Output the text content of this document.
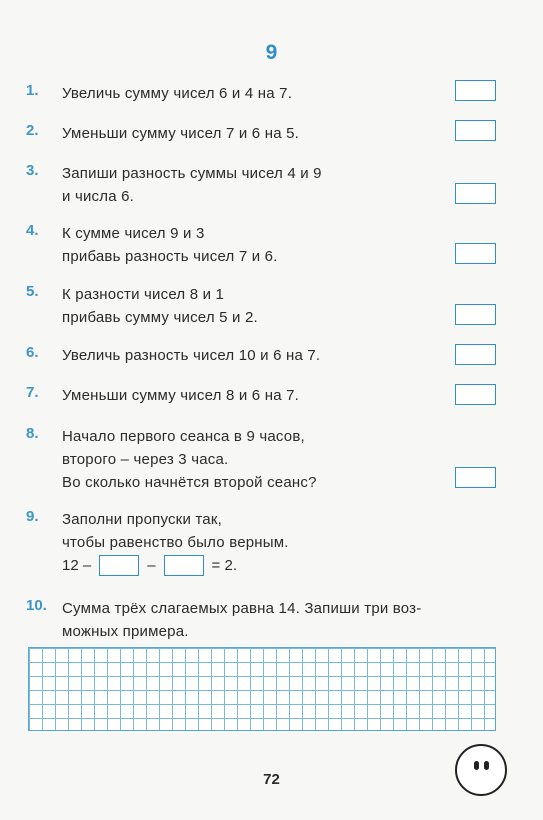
9
1.	Увеличь сумму чисел 6 и 4 на 7.
2.	Уменьши сумму чисел 7 и 6 на 5.
3.	Запиши разность суммы чисел 4 и 9
и числа 6.
4.	К сумме чисел 9 и 3
прибавь разность чисел 7 и 6.
5.	К разности чисел 8 и 1
прибавь сумму чисел 5 и 2.
6.	Увеличь разность чисел 10 и 6 на 7.
7.	Уменьши сумму чисел 8 и 6 на 7.
8.	Начало первого сеанса в 9 часов,
второго – через 3 часа.
Во сколько начнётся второй сеанс?
9.	Заполни пропуски так,
чтобы равенство было верным.
12 –	–	= 2.
10.	Сумма трёх слагаемых равна 14. Запиши три воз-
можных примера.
72
